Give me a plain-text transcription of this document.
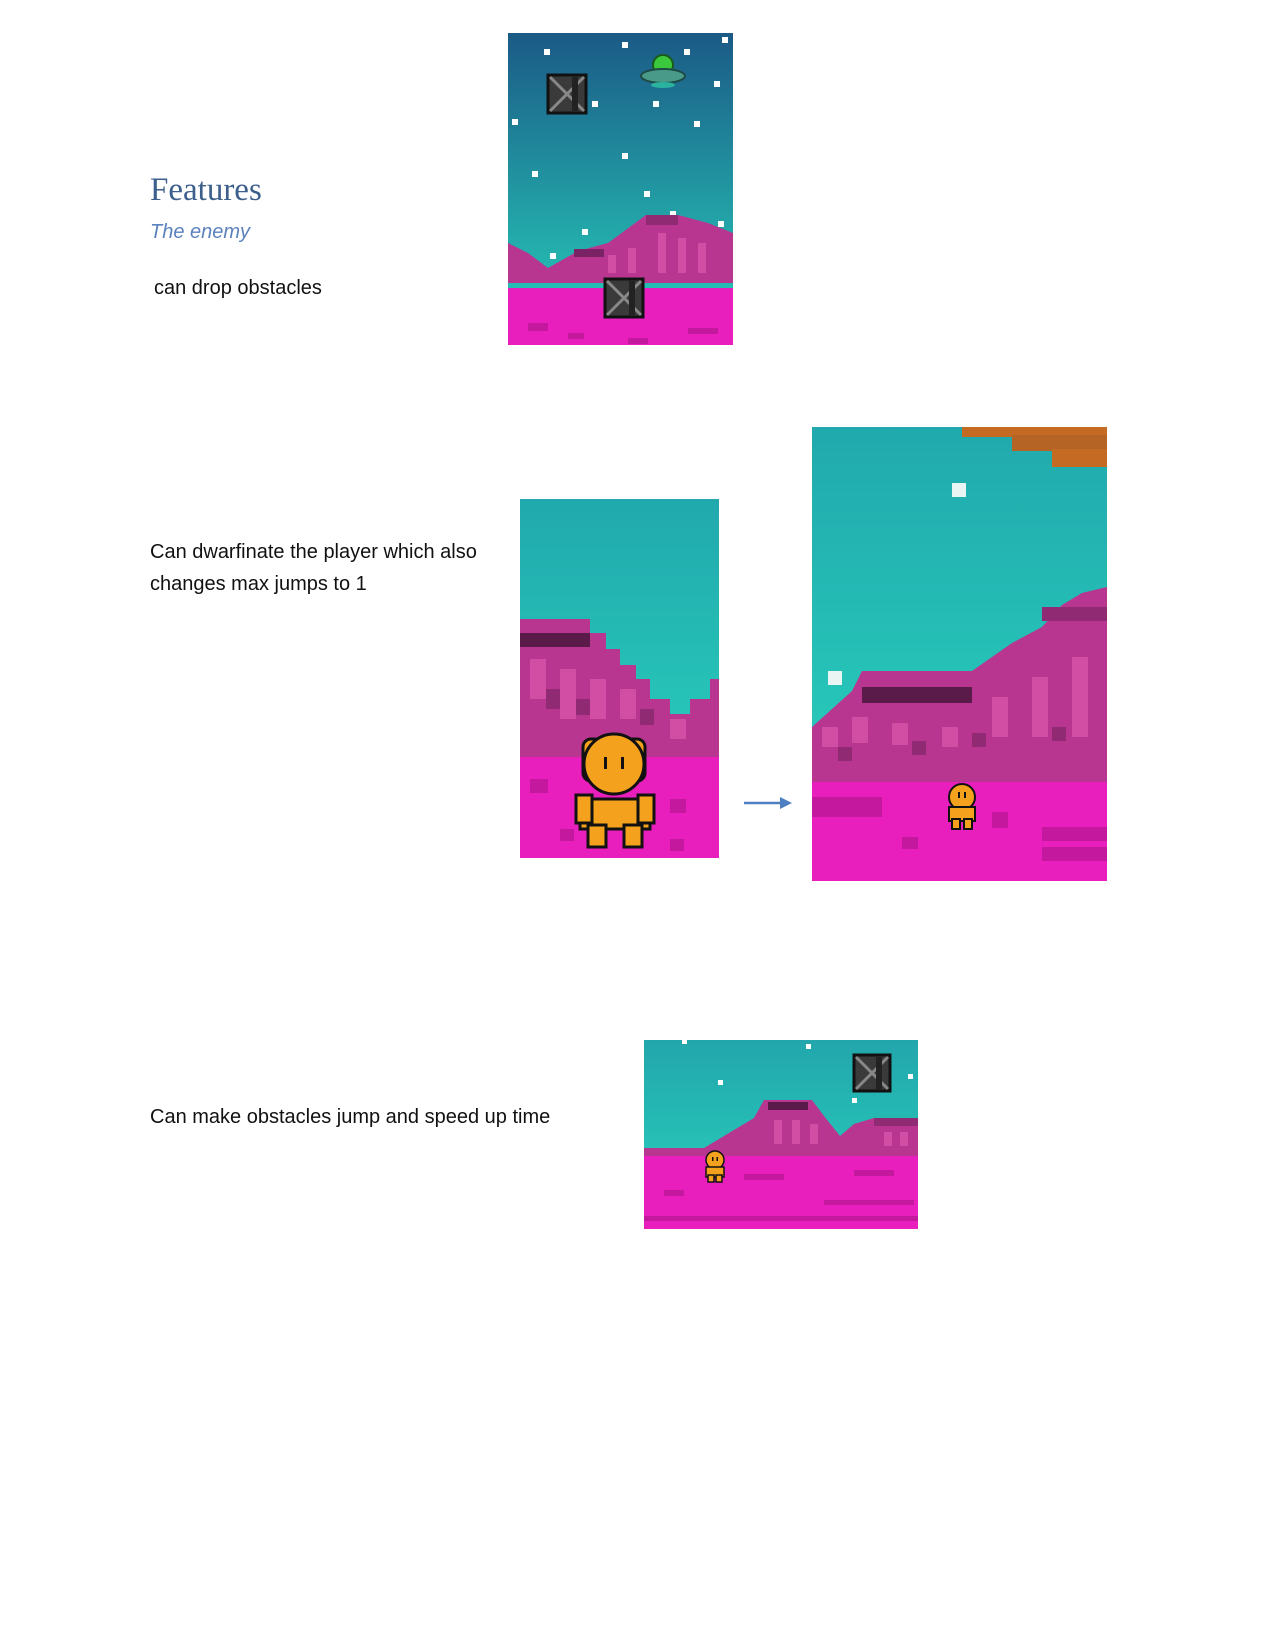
Features
The enemy
can drop obstacles
Can dwarfinate the player which also changes max jumps to 1
Can make obstacles jump and speed up time
